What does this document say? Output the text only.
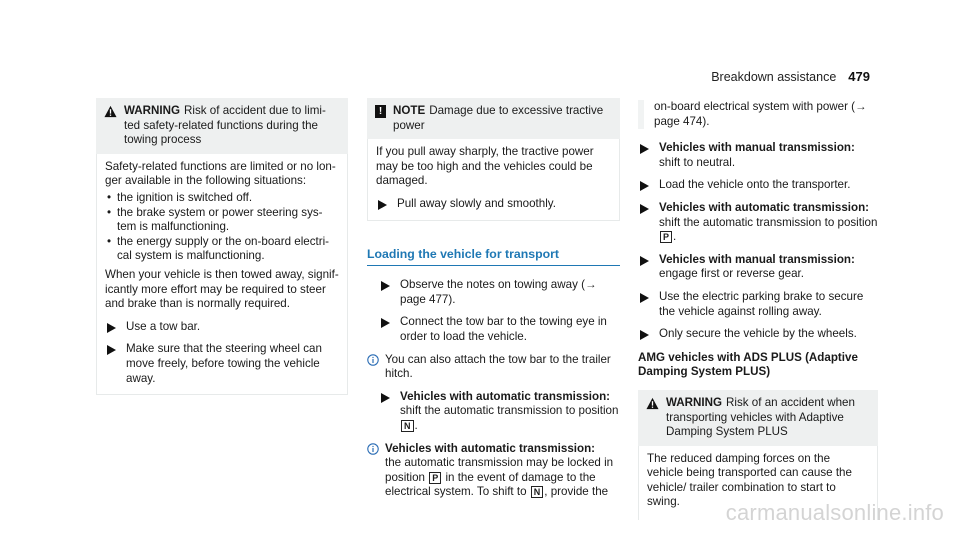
Breakdown assistance 479
WARNING Risk of accident due to limi-ted safety-related functions during the towing process

Safety-related functions are limited or no lon-ger available in the following situations:

• the ignition is switched off.
• the brake system or power steering sys-tem is malfunctioning.
• the energy supply or the on-board electri-cal system is malfunctioning.

When your vehicle is then towed away, signif-icantly more effort may be required to steer and brake than is normally required.

Use a tow bar.
Make sure that the steering wheel can move freely, before towing the vehicle away.
! NOTE Damage due to excessive tractive power

If you pull away sharply, the tractive power may be too high and the vehicles could be damaged.

Pull away slowly and smoothly.
Loading the vehicle for transport
Observe the notes on towing away (→ page 477).
Connect the tow bar to the towing eye in order to load the vehicle.
You can also attach the tow bar to the trailer hitch.
Vehicles with automatic transmission:
shift the automatic transmission to position
N .
Vehicles with automatic transmission:
the automatic transmission may be locked in position P in the event of damage to the electrical system. To shift to N , provide the
on-board electrical system with power (→ page 474).
Vehicles with manual transmission: shift to neutral.
Load the vehicle onto the transporter.
Vehicles with automatic transmission:
shift the automatic transmission to position
P .
Vehicles with manual transmission:
engage first or reverse gear.
Use the electric parking brake to secure the vehicle against rolling away.
Only secure the vehicle by the wheels.
AMG vehicles with ADS PLUS (Adaptive Damping System PLUS)
WARNING Risk of an accident when transporting vehicles with Adaptive Damping System PLUS

The reduced damping forces on the vehicle being transported can cause the vehicle/ trailer combination to start to swing.	carmanualsonline.info
